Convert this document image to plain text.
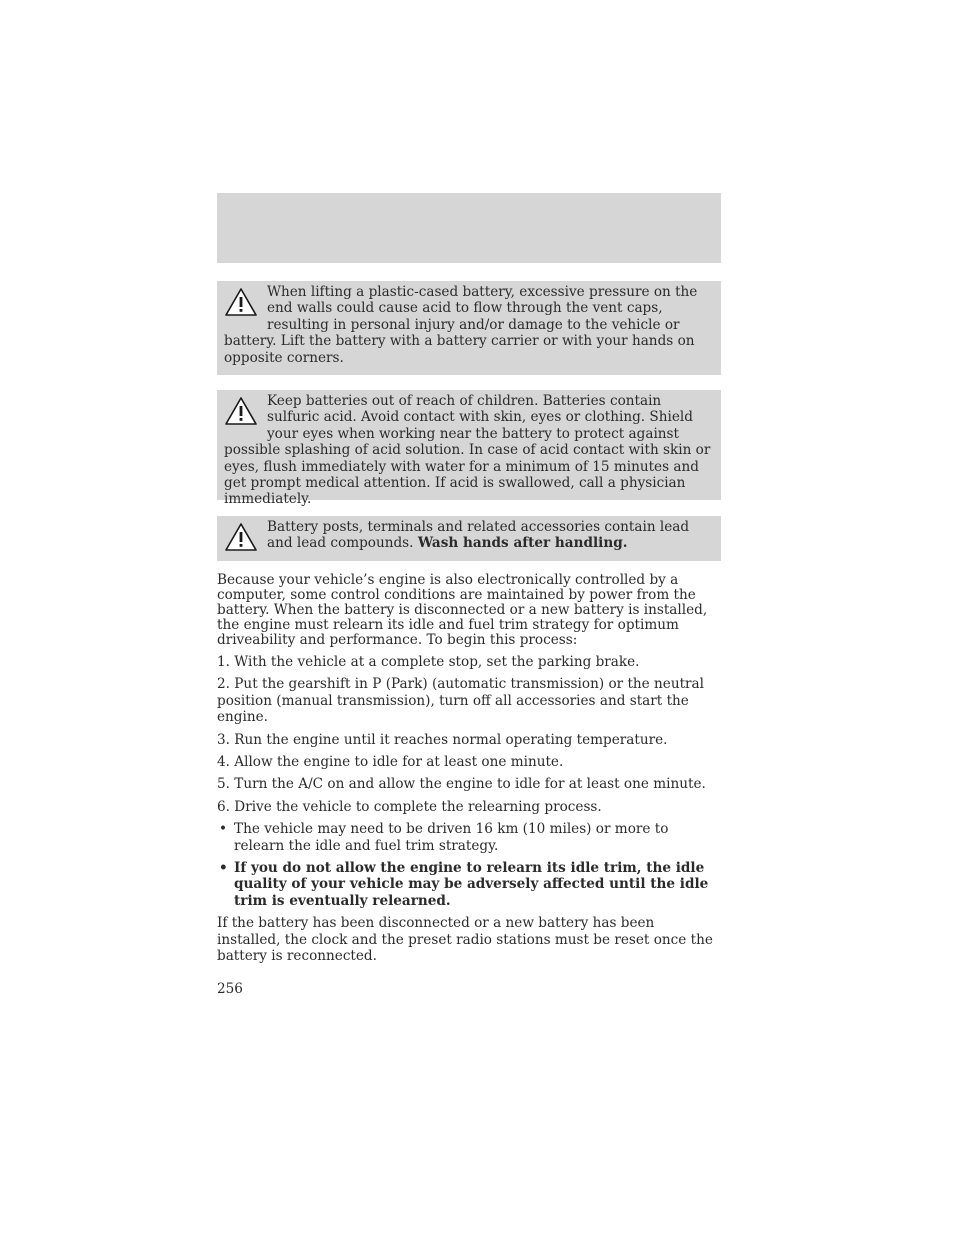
When lifting a plastic-cased battery, excessive pressure on the end walls could cause acid to flow through the vent caps, resulting in personal injury and/or damage to the vehicle or battery. Lift the battery with a battery carrier or with your hands on opposite corners.
Keep batteries out of reach of children. Batteries contain sulfuric acid. Avoid contact with skin, eyes or clothing. Shield your eyes when working near the battery to protect against possible splashing of acid solution. In case of acid contact with skin or eyes, flush immediately with water for a minimum of 15 minutes and get prompt medical attention. If acid is swallowed, call a physician immediately.
Battery posts, terminals and related accessories contain lead and lead compounds. Wash hands after handling.

Because your vehicle’s engine is also electronically controlled by a computer, some control conditions are maintained by power from the battery. When the battery is disconnected or a new battery is installed, the engine must relearn its idle and fuel trim strategy for optimum driveability and performance. To begin this process:

1. With the vehicle at a complete stop, set the parking brake.

2. Put the gearshift in P (Park) (automatic transmission) or the neutral position (manual transmission), turn off all accessories and start the engine.

3. Run the engine until it reaches normal operating temperature.

4. Allow the engine to idle for at least one minute.

5. Turn the A/C on and allow the engine to idle for at least one minute.

6. Drive the vehicle to complete the relearning process.

• The vehicle may need to be driven 16 km (10 miles) or more to relearn the idle and fuel trim strategy.

• If you do not allow the engine to relearn its idle trim, the idle quality of your vehicle may be adversely affected until the idle trim is eventually relearned.

If the battery has been disconnected or a new battery has been installed, the clock and the preset radio stations must be reset once the battery is reconnected.

256
